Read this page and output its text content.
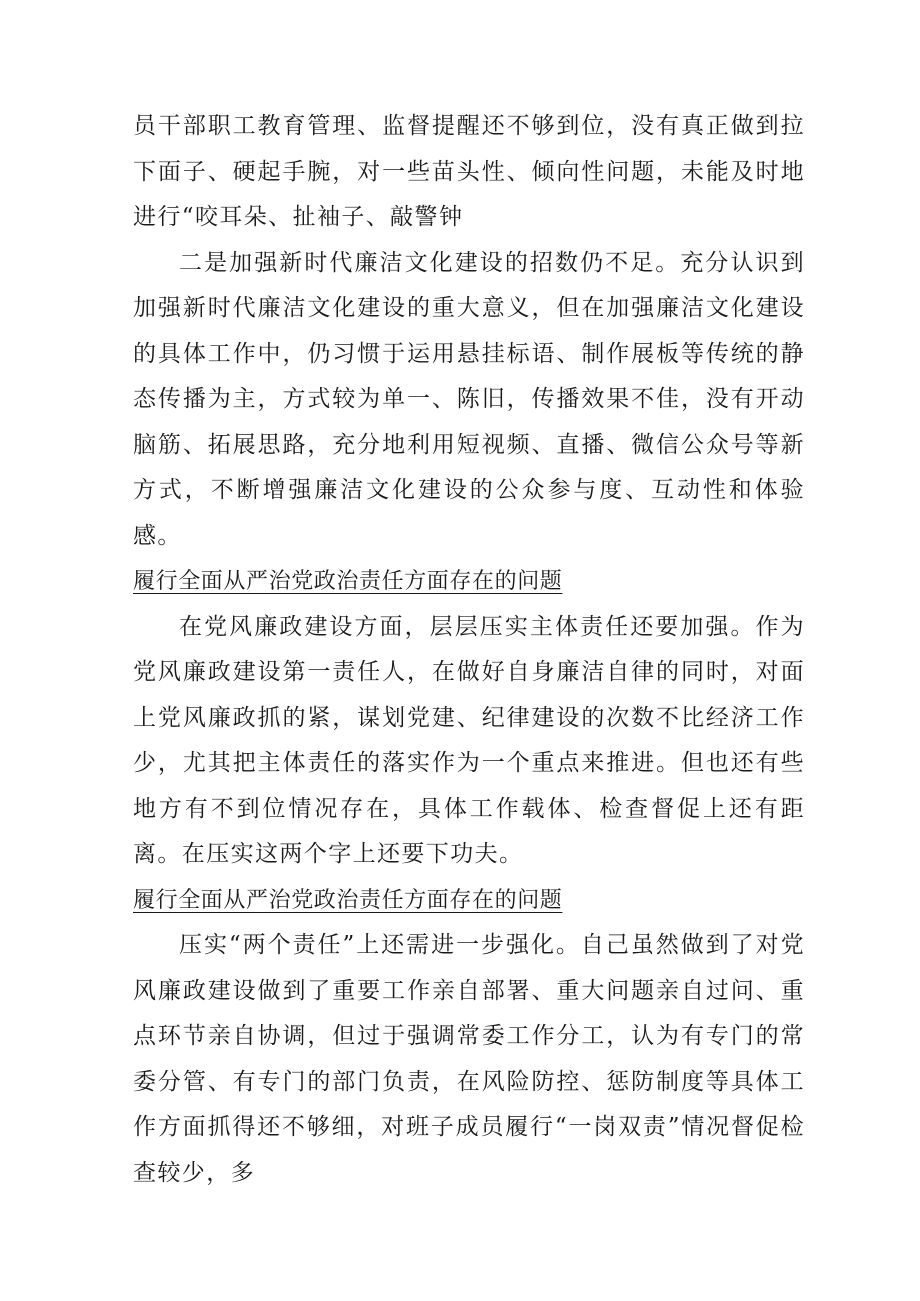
员干部职工教育管理、监督提醒还不够到位，没有真正做到拉下面子、硬起手腕，对一些苗头性、倾向性问题，未能及时地进行“咬耳朵、扯袖子、敲警钟

二是加强新时代廉洁文化建设的招数仍不足。充分认识到加强新时代廉洁文化建设的重大意义，但在加强廉洁文化建设的具体工作中，仍习惯于运用悬挂标语、制作展板等传统的静态传播为主，方式较为单一、陈旧，传播效果不佳，没有开动脑筋、拓展思路，充分地利用短视频、直播、微信公众号等新方式，不断增强廉洁文化建设的公众参与度、互动性和体验感。

履行全面从严治党政治责任方面存在的问题

在党风廉政建设方面，层层压实主体责任还要加强。作为党风廉政建设第一责任人，在做好自身廉洁自律的同时，对面上党风廉政抓的紧，谋划党建、纪律建设的次数不比经济工作少，尤其把主体责任的落实作为一个重点来推进。但也还有些地方有不到位情况存在，具体工作载体、检查督促上还有距离。在压实这两个字上还要下功夫。

履行全面从严治党政治责任方面存在的问题

压实“两个责任”上还需进一步强化。自己虽然做到了对党风廉政建设做到了重要工作亲自部署、重大问题亲自过问、重点环节亲自协调，但过于强调常委工作分工，认为有专门的常委分管、有专门的部门负责，在风险防控、惩防制度等具体工作方面抓得还不够细，对班子成员履行“一岗双责”情况督促检查较少，多
